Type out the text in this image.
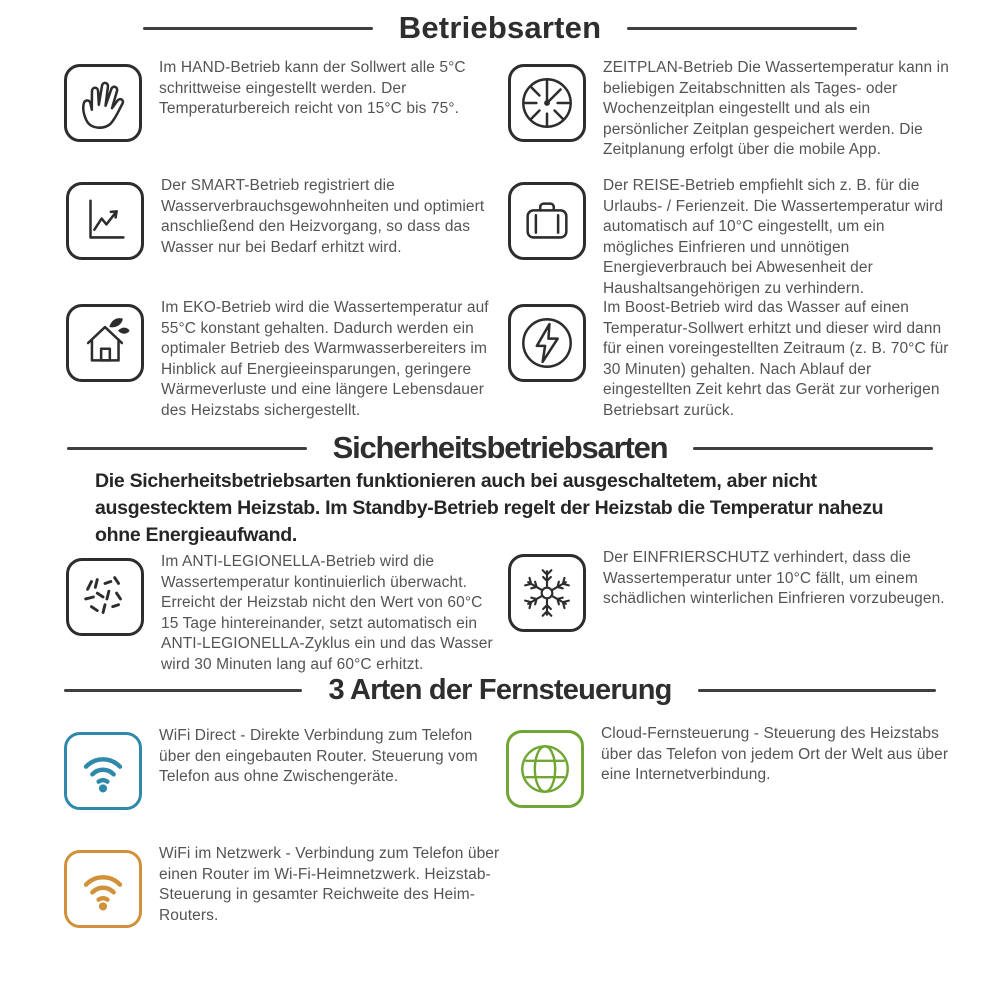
Betriebsarten

Im HAND-Betrieb kann der Sollwert alle 5°C schrittweise eingestellt werden. Der Temperaturbereich reicht von 15°C bis 75°.

ZEITPLAN-Betrieb Die Wassertemperatur kann in beliebigen Zeitabschnitten als Tages- oder Wochenzeitplan eingestellt und als ein persönlicher Zeitplan gespeichert werden. Die Zeitplanung erfolgt über die mobile App.

Der SMART-Betrieb registriert die Wasserverbrauchsgewohnheiten und optimiert anschließend den Heizvorgang, so dass das Wasser nur bei Bedarf erhitzt wird.

Der REISE-Betrieb empfiehlt sich z. B. für die Urlaubs- / Ferienzeit. Die Wassertemperatur wird automatisch auf 10°C eingestellt, um ein mögliches Einfrieren und unnötigen Energieverbrauch bei Abwesenheit der Haushaltsangehörigen zu verhindern.

Im EKO-Betrieb wird die Wassertemperatur auf 55°C konstant gehalten. Dadurch werden ein optimaler Betrieb des Warmwasserbereiters im Hinblick auf Energieeinsparungen, geringere Wärmeverluste und eine längere Lebensdauer des Heizstabs sichergestellt.

Im Boost-Betrieb wird das Wasser auf einen Temperatur-Sollwert erhitzt und dieser wird dann für einen voreingestellten Zeitraum (z. B. 70°C für 30 Minuten) gehalten. Nach Ablauf der eingestellten Zeit kehrt das Gerät zur vorherigen Betriebsart zurück.

Sicherheitsbetriebsarten

Die Sicherheitsbetriebsarten funktionieren auch bei ausgeschaltetem, aber nicht ausgestecktem Heizstab. Im Standby-Betrieb regelt der Heizstab die Temperatur nahezu ohne Energieaufwand.

Im ANTI-LEGIONELLA-Betrieb wird die Wassertemperatur kontinuierlich überwacht. Erreicht der Heizstab nicht den Wert von 60°C 15 Tage hintereinander, setzt automatisch ein ANTI-LEGIONELLA-Zyklus ein und das Wasser wird 30 Minuten lang auf 60°C erhitzt.

Der EINFRIERSCHUTZ verhindert, dass die Wassertemperatur unter 10°C fällt, um einem schädlichen winterlichen Einfrieren vorzubeugen.

3 Arten der Fernsteuerung

WiFi Direct - Direkte Verbindung zum Telefon über den eingebauten Router. Steuerung vom Telefon aus ohne Zwischengeräte.

Cloud-Fernsteuerung - Steuerung des Heizstabs über das Telefon von jedem Ort der Welt aus über eine Internetverbindung.

WiFi im Netzwerk - Verbindung zum Telefon über einen Router im Wi-Fi-Heimnetzwerk. Heizstab-Steuerung in gesamter Reichweite des Heim-Routers.
